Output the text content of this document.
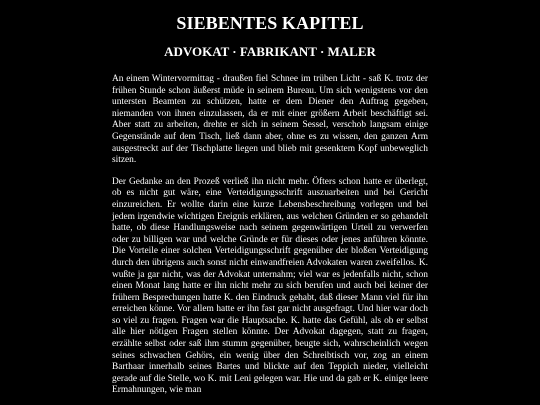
SIEBENTES KAPITEL
ADVOKAT · FABRIKANT · MALER

An einem Wintervormittag - draußen fiel Schnee im trüben Licht - saß K. trotz der frühen Stunde schon äußerst müde in seinem Bureau. Um sich wenigstens vor den untersten Beamten zu schützen, hatte er dem Diener den Auftrag gegeben, niemanden von ihnen einzulassen, da er mit einer größern Arbeit beschäftigt sei. Aber statt zu arbeiten, drehte er sich in seinem Sessel, verschob langsam einige Gegenstände auf dem Tisch, ließ dann aber, ohne es zu wissen, den ganzen Arm ausgestreckt auf der Tischplatte liegen und blieb mit gesenktem Kopf unbeweglich sitzen.

Der Gedanke an den Prozeß verließ ihn nicht mehr. Öfters schon hatte er überlegt, ob es nicht gut wäre, eine Verteidigungsschrift auszuarbeiten und bei Gericht einzureichen. Er wollte darin eine kurze Lebensbeschreibung vorlegen und bei jedem irgendwie wichtigen Ereignis erklären, aus welchen Gründen er so gehandelt hatte, ob diese Handlungsweise nach seinem gegenwärtigen Urteil zu verwerfen oder zu billigen war und welche Gründe er für dieses oder jenes anführen könnte. Die Vorteile einer solchen Verteidigungsschrift gegenüber der bloßen Verteidigung durch den übrigens auch sonst nicht einwandfreien Advokaten waren zweifellos. K. wußte ja gar nicht, was der Advokat unternahm; viel war es jedenfalls nicht, schon einen Monat lang hatte er ihn nicht mehr zu sich berufen und auch bei keiner der frühern Besprechungen hatte K. den Eindruck gehabt, daß dieser Mann viel für ihn erreichen könne. Vor allem hatte er ihn fast gar nicht ausgefragt. Und hier war doch so viel zu fragen. Fragen war die Hauptsache. K. hatte das Gefühl, als ob er selbst alle hier nötigen Fragen stellen könnte. Der Advokat dagegen, statt zu fragen, erzählte selbst oder saß ihm stumm gegenüber, beugte sich, wahrscheinlich wegen seines schwachen Gehörs, ein wenig über den Schreibtisch vor, zog an einem Barthaar innerhalb seines Bartes und blickte auf den Teppich nieder, vielleicht gerade auf die Stelle, wo K. mit Leni gelegen war. Hie und da gab er K. einige leere Ermahnungen, wie man
